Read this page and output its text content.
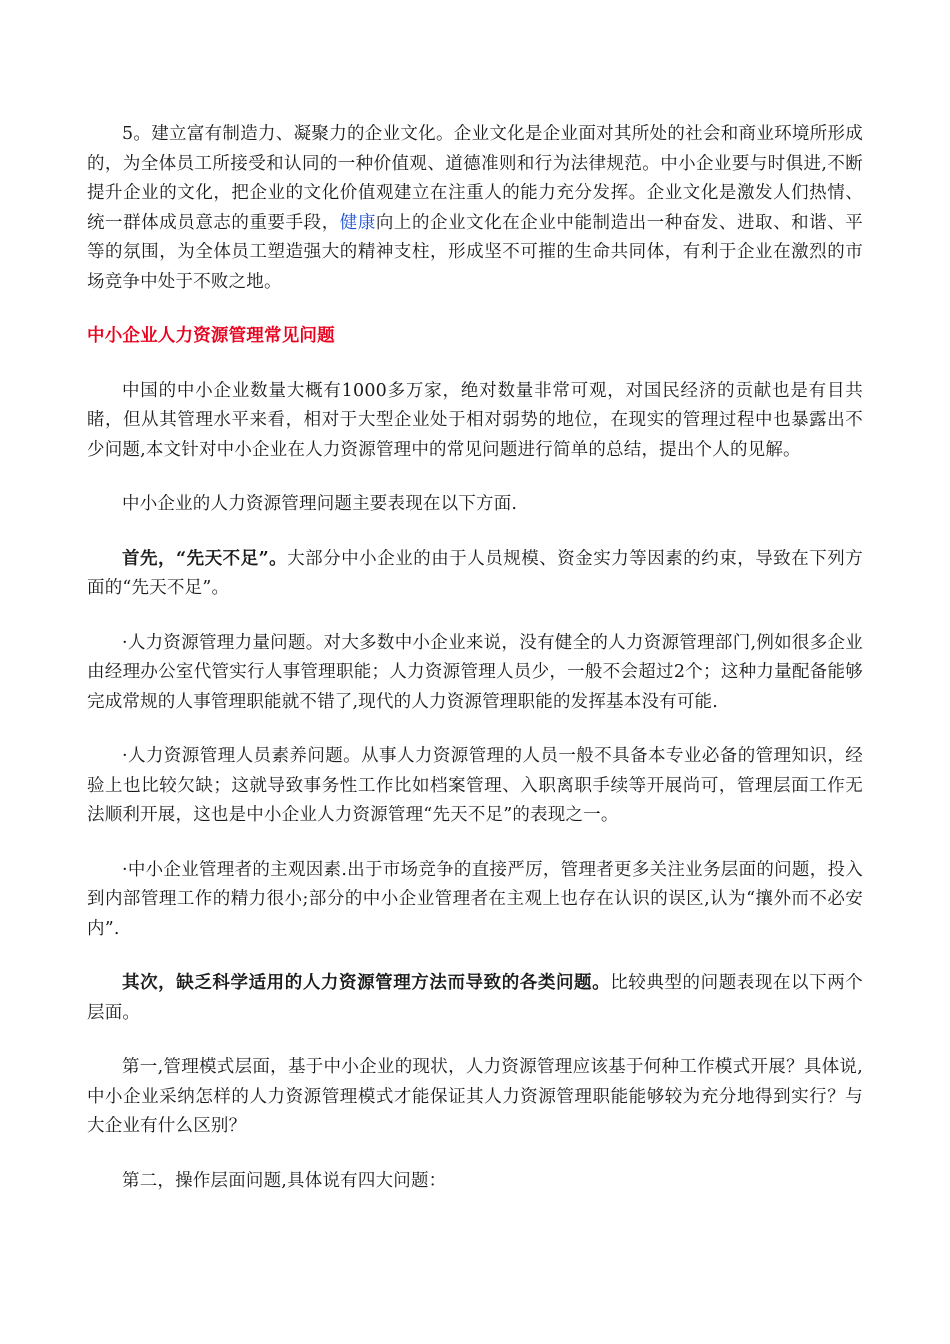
5。建立富有制造力、凝聚力的企业文化。企业文化是企业面对其所处的社会和商业环境所形成的，为全体员工所接受和认同的一种价值观、道德准则和行为法律规范。中小企业要与时俱进,不断提升企业的文化，把企业的文化价值观建立在注重人的能力充分发挥。企业文化是激发人们热情、统一群体成员意志的重要手段，健康向上的企业文化在企业中能制造出一种奋发、进取、和谐、平等的氛围，为全体员工塑造强大的精神支柱，形成坚不可摧的生命共同体，有利于企业在激烈的市场竞争中处于不败之地。

中小企业人力资源管理常见问题

中国的中小企业数量大概有1000多万家，绝对数量非常可观，对国民经济的贡献也是有目共睹，但从其管理水平来看，相对于大型企业处于相对弱势的地位，在现实的管理过程中也暴露出不少问题,本文针对中小企业在人力资源管理中的常见问题进行简单的总结，提出个人的见解。

中小企业的人力资源管理问题主要表现在以下方面.

首先，“先天不足”。大部分中小企业的由于人员规模、资金实力等因素的约束，导致在下列方面的“先天不足”。

·人力资源管理力量问题。对大多数中小企业来说，没有健全的人力资源管理部门,例如很多企业由经理办公室代管实行人事管理职能；人力资源管理人员少，一般不会超过2个；这种力量配备能够完成常规的人事管理职能就不错了,现代的人力资源管理职能的发挥基本没有可能.

·人力资源管理人员素养问题。从事人力资源管理的人员一般不具备本专业必备的管理知识，经验上也比较欠缺；这就导致事务性工作比如档案管理、入职离职手续等开展尚可，管理层面工作无法顺利开展，这也是中小企业人力资源管理“先天不足”的表现之一。

·中小企业管理者的主观因素.出于市场竞争的直接严厉，管理者更多关注业务层面的问题，投入到内部管理工作的精力很小;部分的中小企业管理者在主观上也存在认识的误区,认为“攘外而不必安内”.

其次，缺乏科学适用的人力资源管理方法而导致的各类问题。比较典型的问题表现在以下两个层面。

第一,管理模式层面，基于中小企业的现状，人力资源管理应该基于何种工作模式开展？具体说,中小企业采纳怎样的人力资源管理模式才能保证其人力资源管理职能能够较为充分地得到实行？与大企业有什么区别？

第二，操作层面问题,具体说有四大问题：
